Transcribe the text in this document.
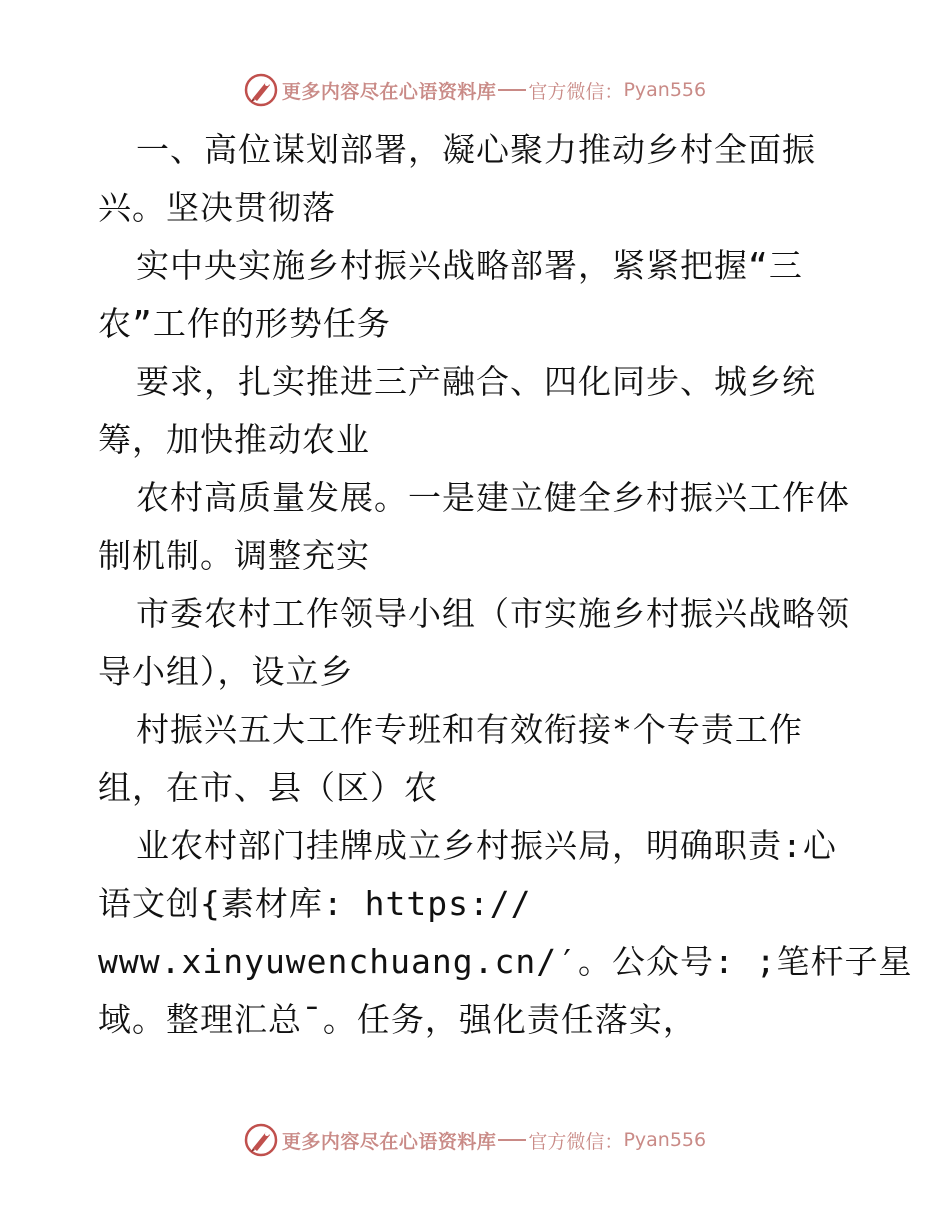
更多内容尽在心语资料库 官方微信： Pyan556
一、高位谋划部署，凝心聚力推动乡村全面振
兴。坚决贯彻落
实中央实施乡村振兴战略部署，紧紧把握“三
农”工作的形势任务
要求，扎实推进三产融合、四化同步、城乡统
筹，加快推动农业
农村高质量发展。一是建立健全乡村振兴工作体
制机制。调整充实
市委农村工作领导小组（市实施乡村振兴战略领
导小组），设立乡
村振兴五大工作专班和有效衔接*个专责工作
组，在市、县（区）农
业农村部门挂牌成立乡村振兴局，明确职责:心
语文创{素材库: https://
www.xinyuwenchuang.cn/′。公众号: ;笔杆子星
域。整理汇总¯。任务，强化责任落实，
更多内容尽在心语资料库 官方微信： Pyan556
